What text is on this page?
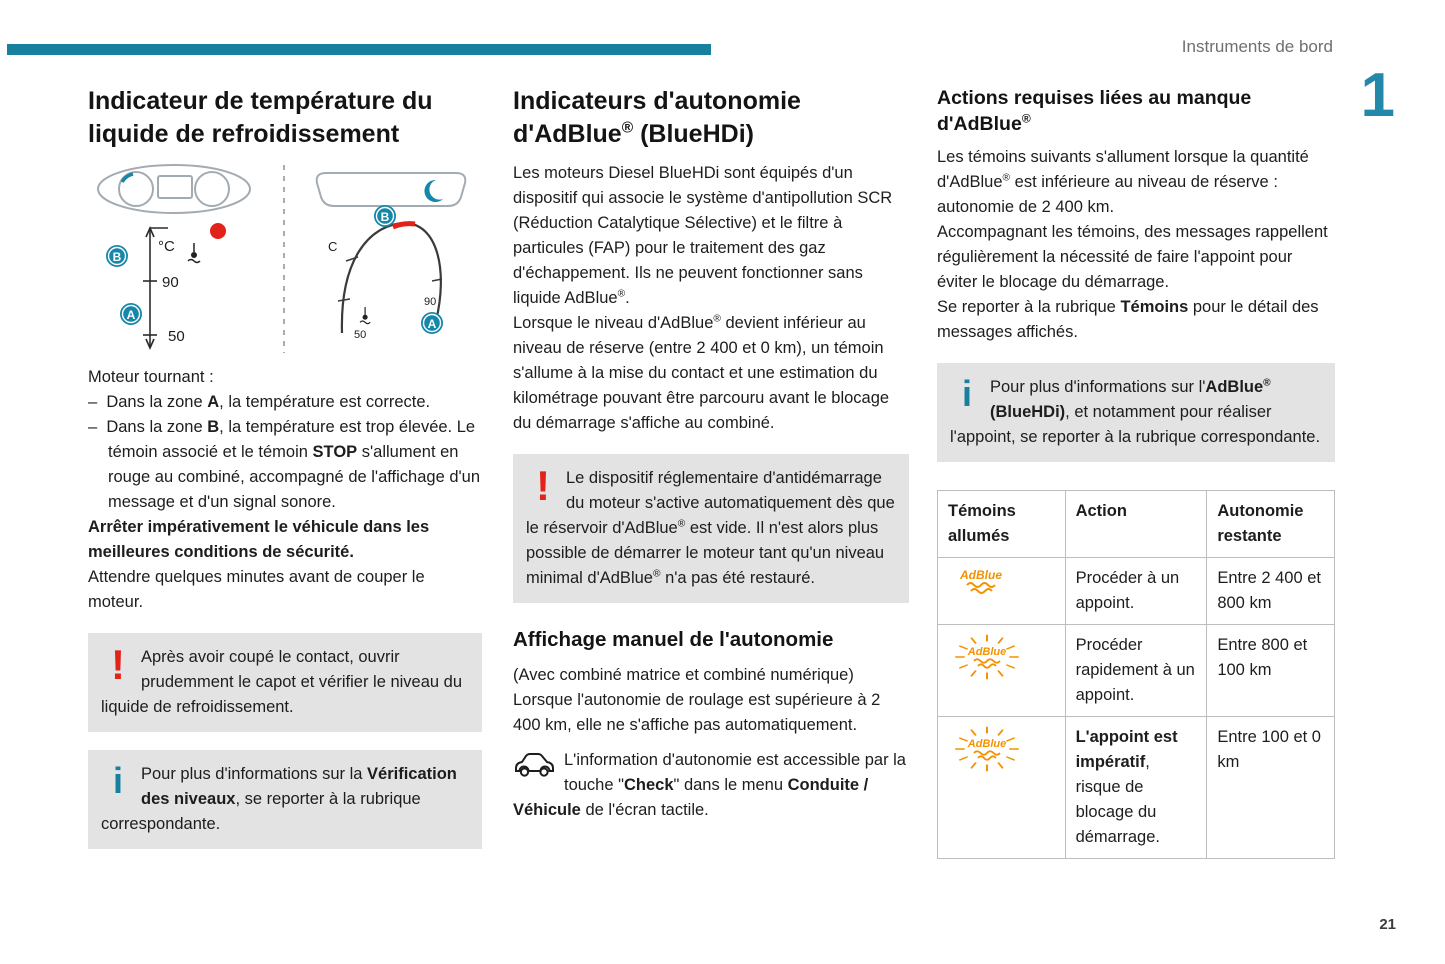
Instruments de bord
1
Indicateur de température du liquide de refroidissement
°C
90
50
B
A
C
90
50
B
A

Moteur tournant :

–  Dans la zone A, la température est correcte.

–  Dans la zone B, la température est trop élevée. Le témoin associé et le témoin STOP s'allument en rouge au combiné, accompagné de l'affichage d'un message et d'un signal sonore.

Arrêter impérativement le véhicule dans les meilleures conditions de sécurité.

Attendre quelques minutes avant de couper le moteur.

! Après avoir coupé le contact, ouvrir prudemment le capot et vérifier le niveau du liquide de refroidissement.
i	Pour plus d'informations sur la Vérification des niveaux, se reporter à la rubrique correspondante.
Indicateurs d'autonomie d'AdBlue® (BlueHDi)

Les moteurs Diesel BlueHDi sont équipés d'un dispositif qui associe le système d'antipollution SCR (Réduction Catalytique Sélective) et le filtre à particules (FAP) pour le traitement des gaz d'échappement. Ils ne peuvent fonctionner sans liquide AdBlue®.

Lorsque le niveau d'AdBlue® devient inférieur au niveau de réserve (entre 2 400 et 0 km), un témoin s'allume à la mise du contact et une estimation du kilométrage pouvant être parcouru avant le blocage du démarrage s'affiche au combiné.

! Le dispositif réglementaire d'antidémarrage du moteur s'active automatiquement dès que le réservoir d'AdBlue® est vide. Il n'est alors plus possible de démarrer le moteur tant qu'un niveau minimal d'AdBlue® n'a pas été restauré.
Affichage manuel de l'autonomie

(Avec combiné matrice et combiné numérique)

Lorsque l'autonomie de roulage est supérieure à 2 400 km, elle ne s'affiche pas automatiquement.

L'information d'autonomie est accessible par la touche "Check" dans le menu Conduite / Véhicule de l'écran tactile.

Actions requises liées au manque d'AdBlue®

Les témoins suivants s'allument lorsque la quantité d'AdBlue® est inférieure au niveau de réserve : autonomie de 2 400 km.

Accompagnant les témoins, des messages rappellent régulièrement la nécessité de faire l'appoint pour éviter le blocage du démarrage.

Se reporter à la rubrique Témoins pour le détail des messages affichés.

i	Pour plus d'informations sur l'AdBlue® (BlueHDi), et notamment pour réaliser l'appoint, se reporter à la rubrique correspondante.
Témoins allumés	Action	Autonomie restante

AdBlue	Procéder à un appoint.	Entre 2 400 et 800 km

AdBlue	Procéder rapidement à un appoint.	Entre 800 et 100 km

AdBlue	L'appoint est impératif, risque de blocage du démarrage.	Entre 100 et 0 km
21
